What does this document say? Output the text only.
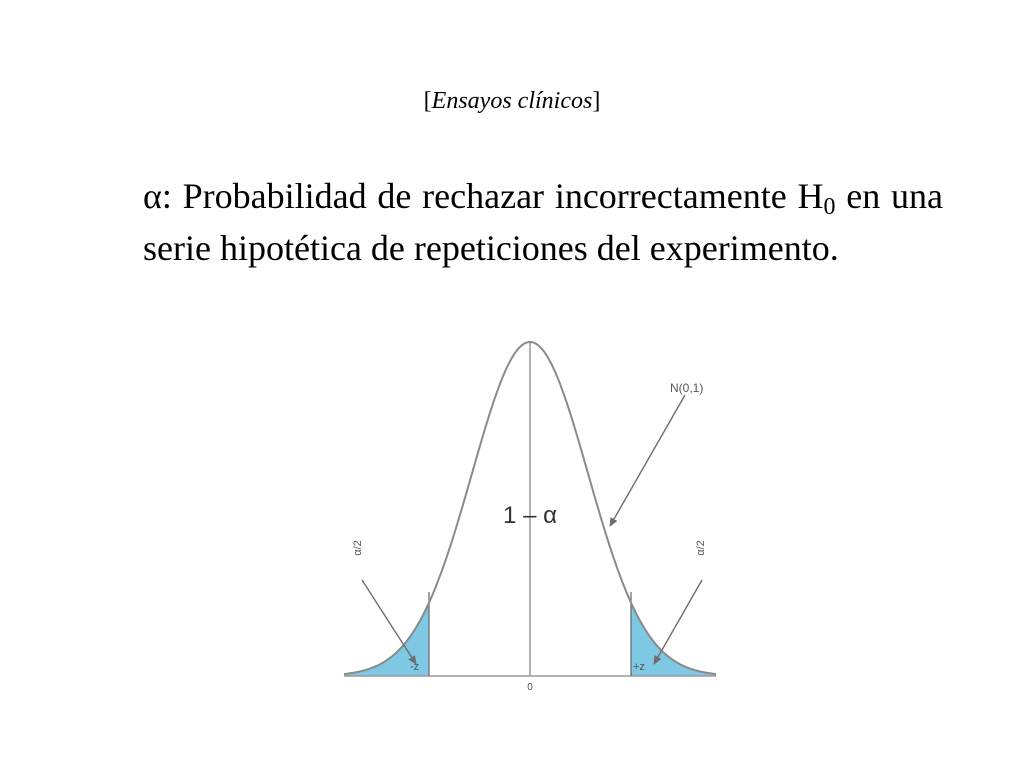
[Ensayos clínicos]
α: Probabilidad de rechazar incorrectamente $H_0$ en una serie hipotética de repeticiones del experimento.
N(0,1)
1 – α
α/2	α/2
-z	+z
0
